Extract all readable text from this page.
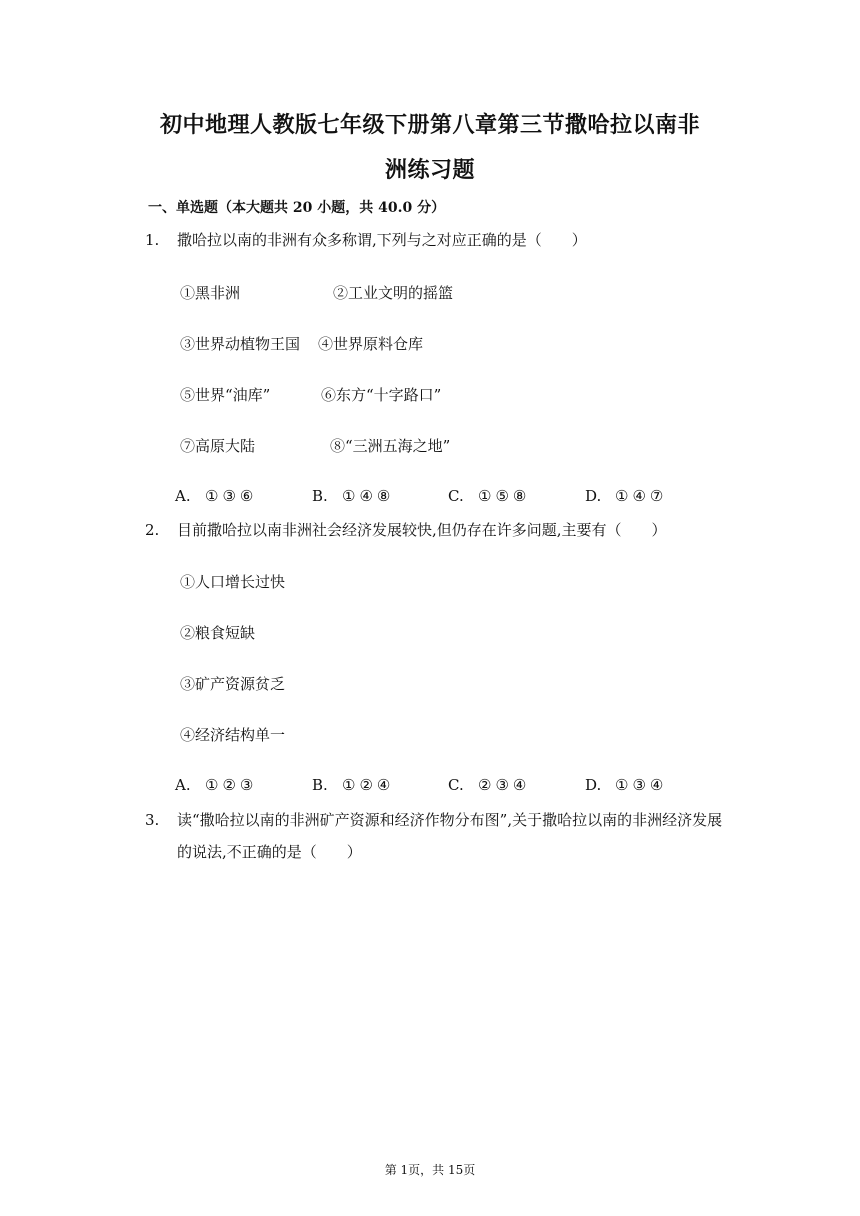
初中地理人教版七年级下册第八章第三节撒哈拉以南非
洲练习题
一、单选题（本大题共 20 小题，共 40.0 分）
1. 撒哈拉以南的非洲有众多称谓,下列与之对应正确的是（　　）
①黑非洲	②工业文明的摇篮
③世界动植物王国 ④世界原料仓库
⑤世界“油库”	⑥东方“十字路口”
⑦高原大陆	⑧“三洲五海之地”
A. ①③⑥	B. ①④⑧	C. ①⑤⑧	D. ①④⑦
2. 目前撒哈拉以南非洲社会经济发展较快,但仍存在许多问题,主要有（　　）
①人口增长过快
②粮食短缺
③矿产资源贫乏
④经济结构单一
A. ①②③	B. ①②④	C. ②③④	D. ①③④
3. 读“撒哈拉以南的非洲矿产资源和经济作物分布图”,关于撒哈拉以南的非洲经济发展的说法,不正确的是（　　）
第 1页，共 15页
